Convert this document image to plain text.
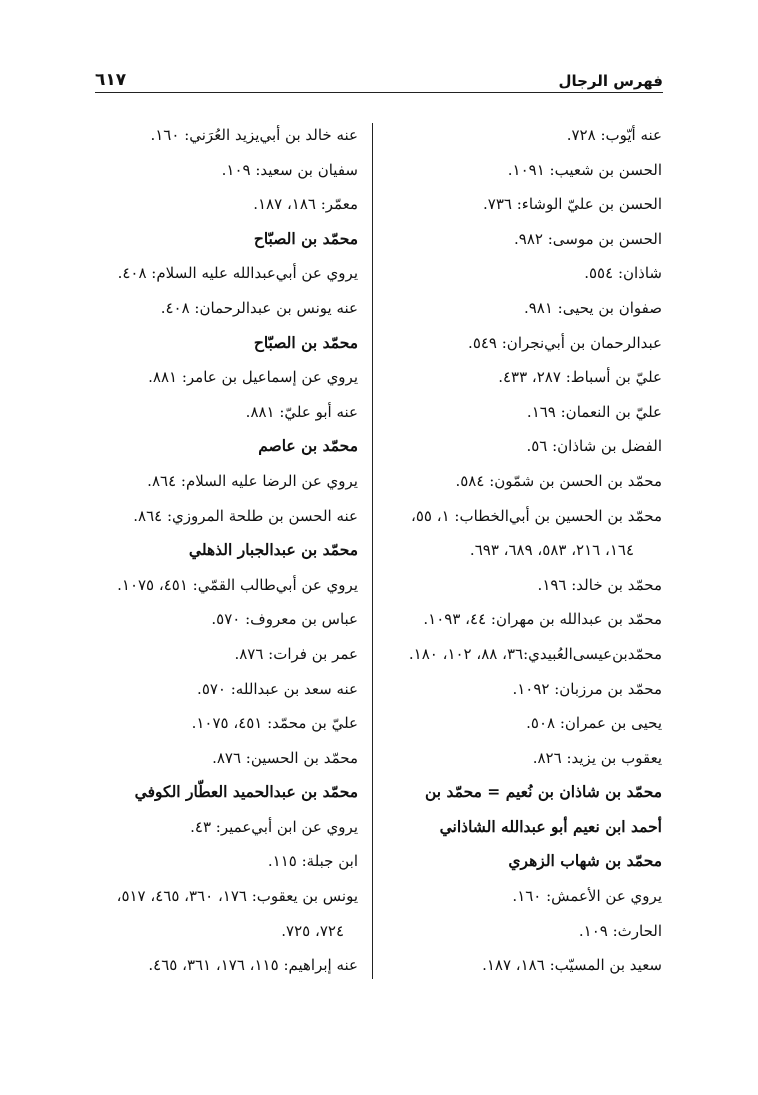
فهرس الرجال
٦١٧
عنه أيّوب: ٧٢٨.
الحسن بن شعيب: ١٠٩١.
الحسن بن عليّ الوشاء: ٧٣٦.
الحسن بن موسى: ٩٨٢.
شاذان: ٥٥٤.
صفوان بن يحيى: ٩٨١.
عبدالرحمان بن أبي‌نجران: ٥٤٩.
عليّ بن أسباط: ٢٨٧، ٤٣٣.
عليّ بن النعمان: ١٦٩.
الفضل بن شاذان: ٥٦.
محمّد بن الحسن بن شمّون: ٥٨٤.
محمّد بن الحسين بن أبي‌الخطاب: ١، ٥٥،
١٦٤، ٢١٦، ٥٨٣، ٦٨٩، ٦٩٣.
محمّد بن خالد: ١٩٦.
محمّد بن عبدالله بن مهران: ٤٤، ١٠٩٣.
محمّدبن‌عيسى‌العُبيدي:٣٦، ٨٨، ١٠٢، ١٨٠.
محمّد بن مرزبان: ١٠٩٢.
يحيى بن عمران: ٥٠٨.
يعقوب بن يزيد: ٨٢٦.
محمّد بن شاذان بن نُعيم = محمّد بن
أحمد ابن نعيم أبو عبدالله الشاذاني
محمّد بن شهاب الزهري
يروي عن الأعمش: ١٦٠.
الحارث: ١٠٩.
سعيد بن المسيّب: ١٨٦، ١٨٧.
عنه خالد بن أبي‌يزيد العُرَني: ١٦٠.
سفيان بن سعيد: ١٠٩.
معمّر: ١٨٦، ١٨٧.
محمّد بن الصبّاح
يروي عن أبي‌عبدالله عليه السلام: ٤٠٨.
عنه يونس بن عبدالرحمان: ٤٠٨.
محمّد بن الصبّاح
يروي عن إسماعيل بن عامر: ٨٨١.
عنه أبو عليّ: ٨٨١.
محمّد بن عاصم
يروي عن الرضا عليه السلام: ٨٦٤.
عنه الحسن بن طلحة المروزي: ٨٦٤.
محمّد بن عبدالجبار الذهلي
يروي عن أبي‌طالب القمّي: ٤٥١، ١٠٧٥.
عباس بن معروف: ٥٧٠.
عمر بن فرات: ٨٧٦.
عنه سعد بن عبدالله: ٥٧٠.
عليّ بن محمّد: ٤٥١، ١٠٧٥.
محمّد بن الحسين: ٨٧٦.
محمّد بن عبدالحميد العطّار الكوفي
يروي عن ابن أبي‌عمير: ٤٣.
ابن جبلة: ١١٥.
يونس بن يعقوب: ١٧٦، ٣٦٠، ٤٦٥، ٥١٧،
٧٢٤، ٧٢٥.
عنه إبراهيم: ١١٥، ١٧٦، ٣٦١، ٤٦٥.
